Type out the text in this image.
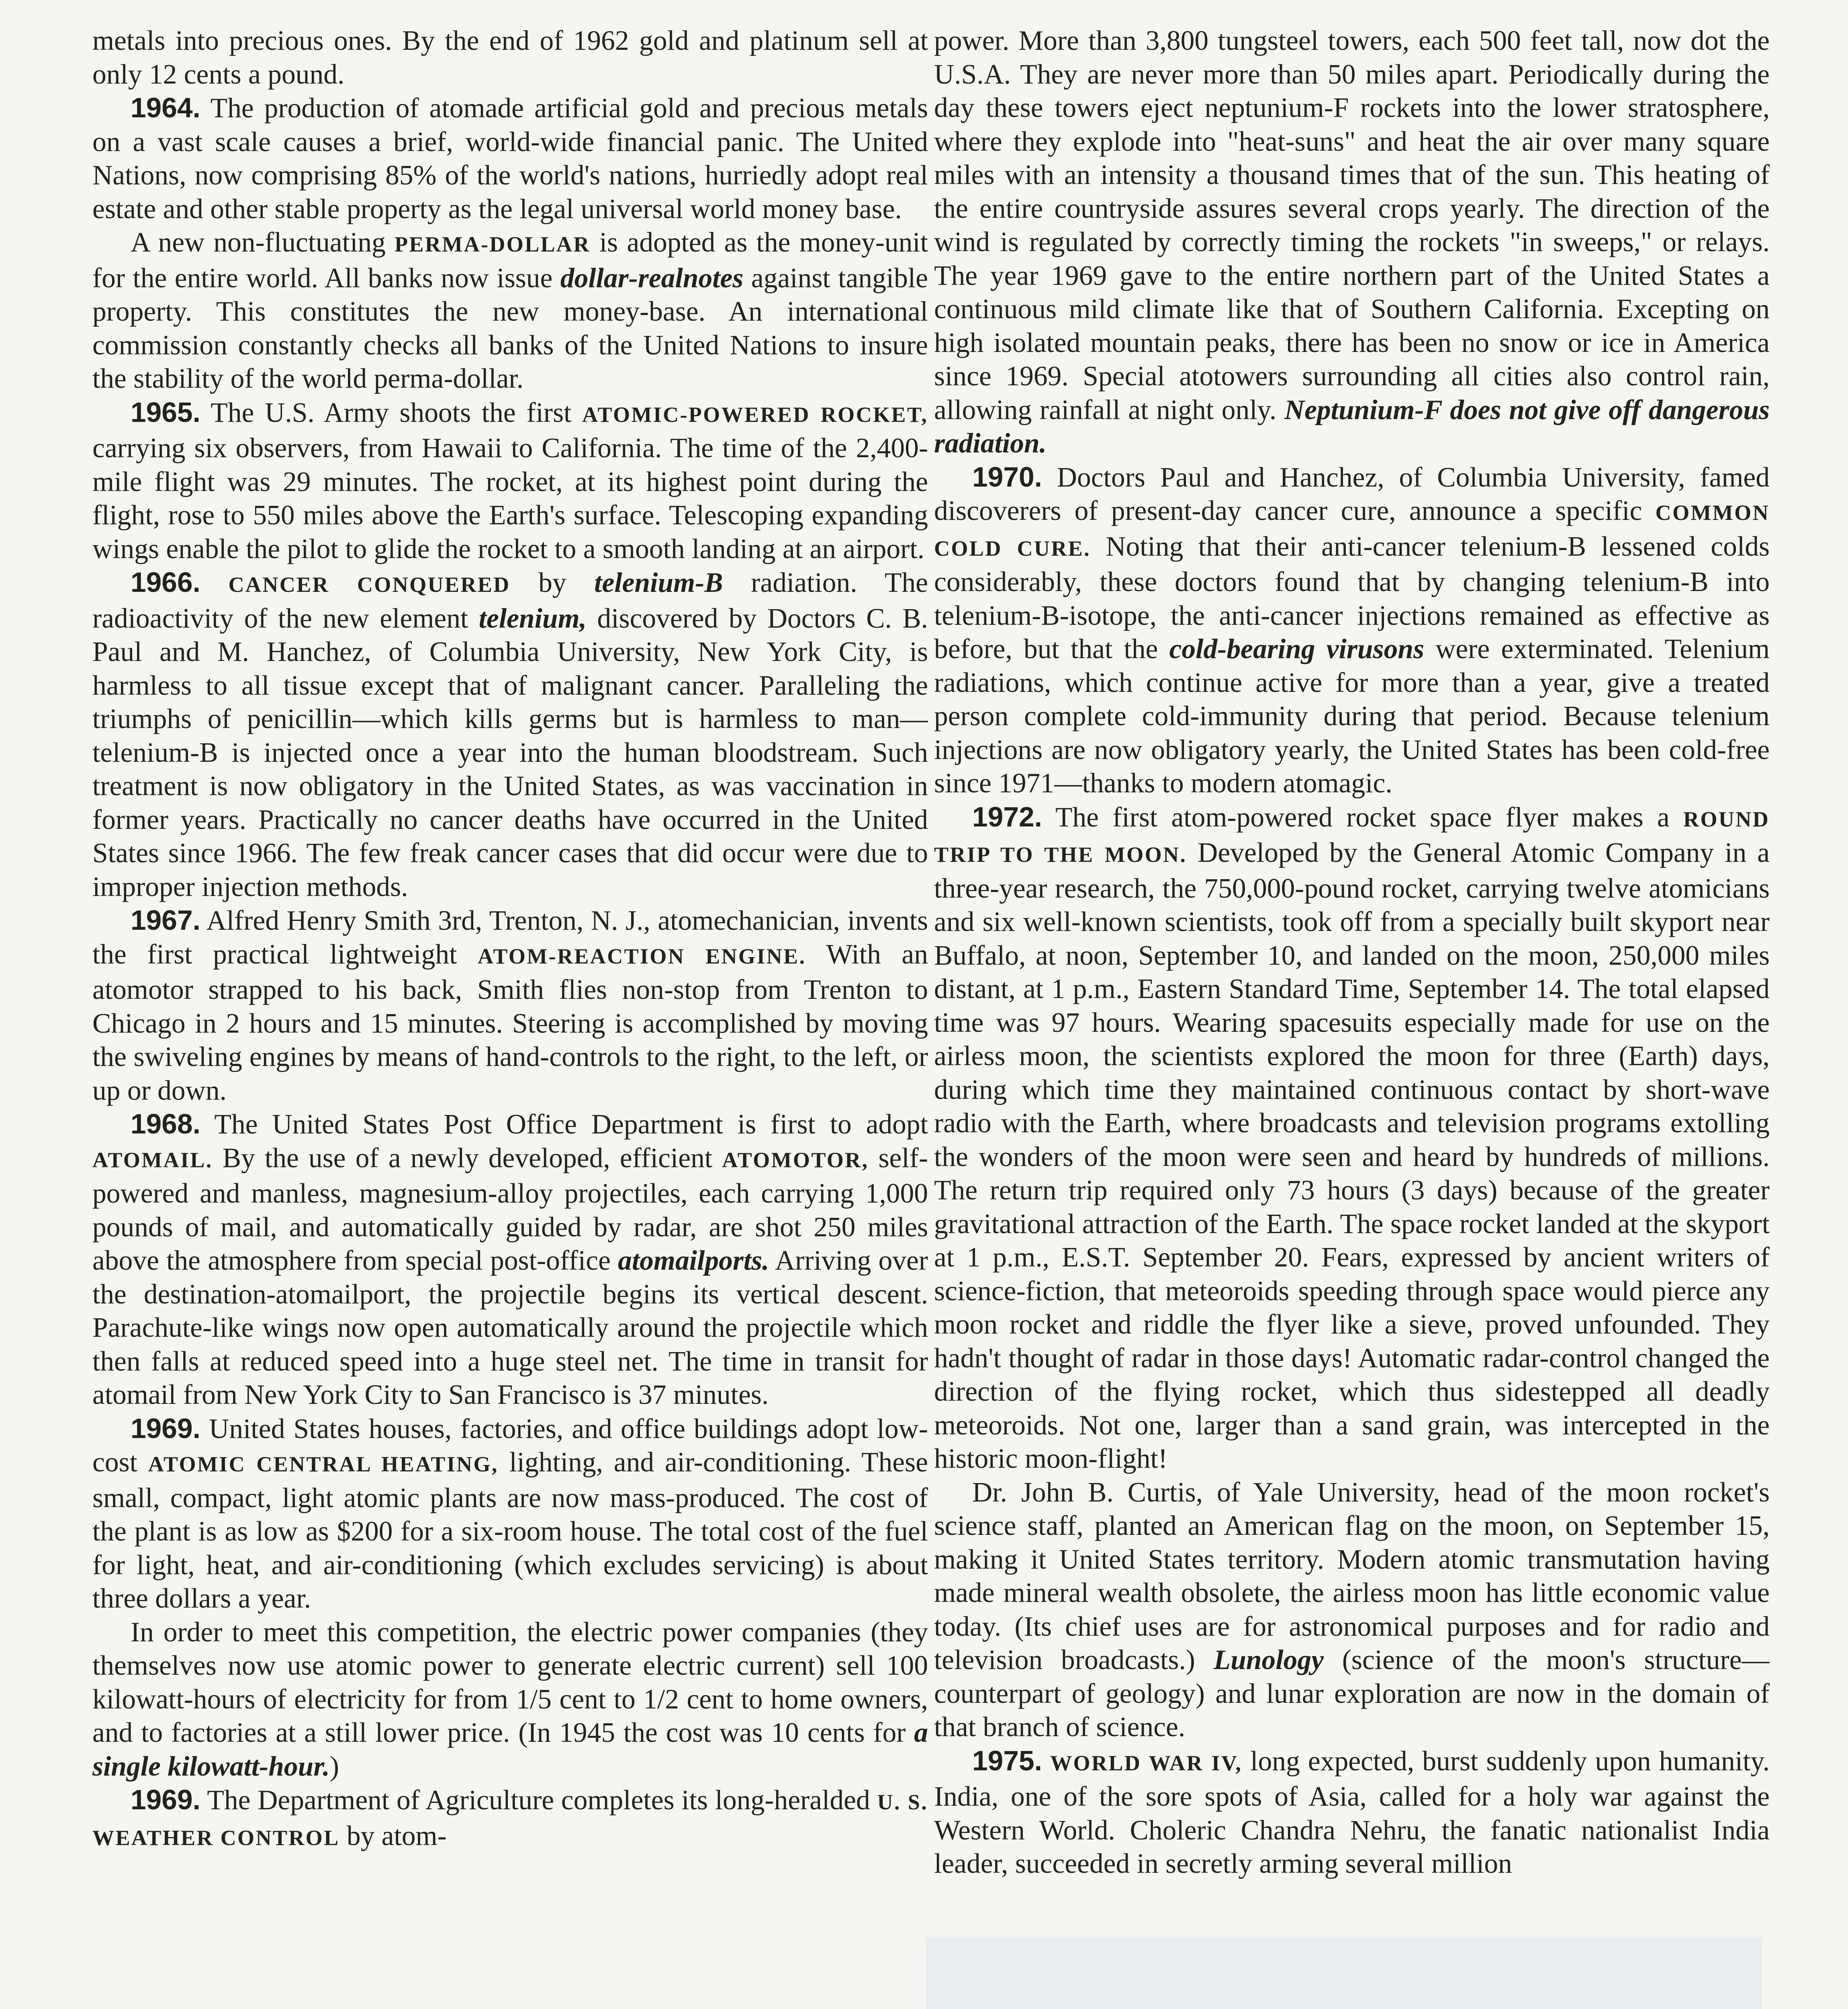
metals into precious ones. By the end of 1962 gold and platinum sell at only 12 cents a pound.

1964. The production of atomade artificial gold and precious metals on a vast scale causes a brief, world-wide financial panic. The United Nations, now comprising 85% of the world's nations, hurriedly adopt real estate and other stable property as the legal universal world money base.

A new non-fluctuating PERMA-DOLLAR is adopted as the money-unit for the entire world. All banks now issue dollar-realnotes against tangible property. This constitutes the new money-base. An international commission constantly checks all banks of the United Nations to insure the stability of the world perma-dollar.

1965. The U.S. Army shoots the first ATOMIC-POWERED ROCKET, carrying six observers, from Hawaii to California. The time of the 2,400-mile flight was 29 minutes. The rocket, at its highest point during the flight, rose to 550 miles above the Earth's surface. Telescoping expanding wings enable the pilot to glide the rocket to a smooth landing at an airport.

1966. CANCER CONQUERED by telenium-B radiation. The radioactivity of the new element telenium, discovered by Doctors C. B. Paul and M. Hanchez, of Columbia University, New York City, is harmless to all tissue except that of malignant cancer. Paralleling the triumphs of penicillin—which kills germs but is harmless to man—telenium-B is injected once a year into the human bloodstream. Such treatment is now obligatory in the United States, as was vaccination in former years. Practically no cancer deaths have occurred in the United States since 1966. The few freak cancer cases that did occur were due to improper injection methods.

1967. Alfred Henry Smith 3rd, Trenton, N. J., atomechanician, invents the first practical lightweight ATOM-REACTION ENGINE. With an atomotor strapped to his back, Smith flies non-stop from Trenton to Chicago in 2 hours and 15 minutes. Steering is accomplished by moving the swiveling engines by means of hand-controls to the right, to the left, or up or down.

1968. The United States Post Office Department is first to adopt ATOMAIL. By the use of a newly developed, efficient ATOMOTOR, self-powered and manless, magnesium-alloy projectiles, each carrying 1,000 pounds of mail, and automatically guided by radar, are shot 250 miles above the atmosphere from special post-office atomailports. Arriving over the destination-atomailport, the projectile begins its vertical descent. Parachute-like wings now open automatically around the projectile which then falls at reduced speed into a huge steel net. The time in transit for atomail from New York City to San Francisco is 37 minutes.

1969. United States houses, factories, and office buildings adopt low-cost ATOMIC CENTRAL HEATING, lighting, and air-conditioning. These small, compact, light atomic plants are now mass-produced. The cost of the plant is as low as $200 for a six-room house. The total cost of the fuel for light, heat, and air-conditioning (which excludes servicing) is about three dollars a year.

In order to meet this competition, the electric power companies (they themselves now use atomic power to generate electric current) sell 100 kilowatt-hours of electricity for from 1/5 cent to 1/2 cent to home owners, and to factories at a still lower price. (In 1945 the cost was 10 cents for a single kilowatt-hour.)

1969. The Department of Agriculture completes its long-heralded U. S. WEATHER CONTROL by atom-

power. More than 3,800 tungsteel towers, each 500 feet tall, now dot the U.S.A. They are never more than 50 miles apart. Periodically during the day these towers eject neptunium-F rockets into the lower stratosphere, where they explode into "heat-suns" and heat the air over many square miles with an intensity a thousand times that of the sun. This heating of the entire countryside assures several crops yearly. The direction of the wind is regulated by correctly timing the rockets "in sweeps," or relays. The year 1969 gave to the entire northern part of the United States a continuous mild climate like that of Southern California. Excepting on high isolated mountain peaks, there has been no snow or ice in America since 1969. Special atotowers surrounding all cities also control rain, allowing rainfall at night only. Neptunium-F does not give off dangerous radiation.

1970. Doctors Paul and Hanchez, of Columbia University, famed discoverers of present-day cancer cure, announce a specific COMMON COLD CURE. Noting that their anti-cancer telenium-B lessened colds considerably, these doctors found that by changing telenium-B into telenium-B-isotope, the anti-cancer injections remained as effective as before, but that the cold-bearing virusons were exterminated. Telenium radiations, which continue active for more than a year, give a treated person complete cold-immunity during that period. Because telenium injections are now obligatory yearly, the United States has been cold-free since 1971—thanks to modern atomagic.

1972. The first atom-powered rocket space flyer makes a ROUND TRIP TO THE MOON. Developed by the General Atomic Company in a three-year research, the 750,000-pound rocket, carrying twelve atomicians and six well-known scientists, took off from a specially built skyport near Buffalo, at noon, September 10, and landed on the moon, 250,000 miles distant, at 1 p.m., Eastern Standard Time, September 14. The total elapsed time was 97 hours. Wearing spacesuits especially made for use on the airless moon, the scientists explored the moon for three (Earth) days, during which time they maintained continuous contact by short-wave radio with the Earth, where broadcasts and television programs extolling the wonders of the moon were seen and heard by hundreds of millions. The return trip required only 73 hours (3 days) because of the greater gravitational attraction of the Earth. The space rocket landed at the skyport at 1 p.m., E.S.T. September 20. Fears, expressed by ancient writers of science-fiction, that meteoroids speeding through space would pierce any moon rocket and riddle the flyer like a sieve, proved unfounded. They hadn't thought of radar in those days! Automatic radar-control changed the direction of the flying rocket, which thus sidestepped all deadly meteoroids. Not one, larger than a sand grain, was intercepted in the historic moon-flight!

Dr. John B. Curtis, of Yale University, head of the moon rocket's science staff, planted an American flag on the moon, on September 15, making it United States territory. Modern atomic transmutation having made mineral wealth obsolete, the airless moon has little economic value today. (Its chief uses are for astronomical purposes and for radio and television broadcasts.) Lunology (science of the moon's structure—counterpart of geology) and lunar exploration are now in the domain of that branch of science.

1975. WORLD WAR IV, long expected, burst suddenly upon humanity. India, one of the sore spots of Asia, called for a holy war against the Western World. Choleric Chandra Nehru, the fanatic nationalist India leader, succeeded in secretly arming several million
